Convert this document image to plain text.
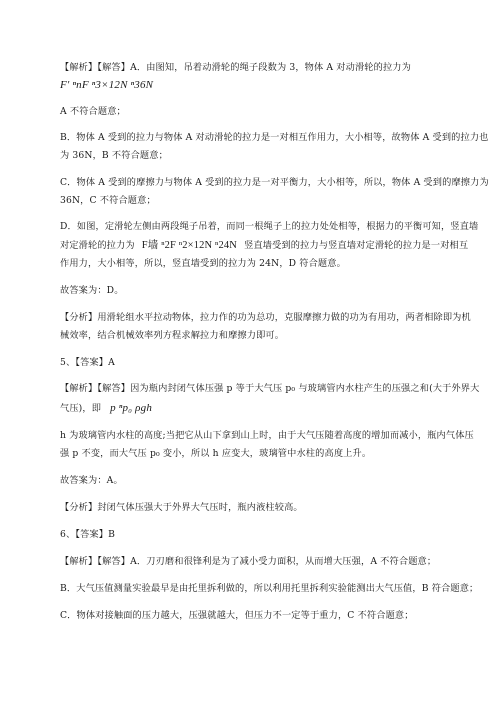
【解析】【解答】A．由图知，吊着动滑轮的绳子段数为 3，物体 A 对动滑轮的拉力为
F′ ⁿnF ⁿ3×12N ⁿ36N
A 不符合题意；
B．物体 A 受到的拉力与物体 A 对动滑轮的拉力是一对相互作用力，大小相等，故物体 A 受到的拉力也
为 36N，B 不符合题意；
C．物体 A 受到的摩擦力与物体 A 受到的拉力是一对平衡力，大小相等，所以，物体 A 受到的摩擦力为
36N，C 不符合题意；
D．如图，定滑轮左侧由两段绳子吊着，而同一根绳子上的拉力处处相等，根据力的平衡可知，竖直墙
对定滑轮的拉力为 F墙 ⁿ2F ⁿ2×12N ⁿ24N 竖直墙受到的拉力与竖直墙对定滑轮的拉力是一对相互
作用力，大小相等，所以，竖直墙受到的拉力为 24N，D 符合题意。
故答案为：D。
【分析】用滑轮组水平拉动物体，拉力作的功为总功，克服摩擦力做的功为有用功，两者相除即为机
械效率，结合机械效率列方程求解拉力和摩擦力即可。
5、【答案】A
【解析】【解答】因为瓶内封闭气体压强 p 等于大气压 p₀ 与玻璃管内水柱产生的压强之和(大于外界大
气压)，即 p ⁿp₀ ρgh
h 为玻璃管内水柱的高度;当把它从山下拿到山上时，由于大气压随着高度的增加而减小，瓶内气体压
强 p 不变，而大气压 p₀ 变小，所以 h 应变大，玻璃管中水柱的高度上升。
故答案为：A。
【分析】封闭气体压强大于外界大气压时，瓶内液柱较高。
6、【答案】B
【解析】【解答】A．刀刃磨和很锋利是为了减小受力面积，从而增大压强，A 不符合题意；
B．大气压值测量实验最早是由托里拆利做的，所以利用托里拆利实验能测出大气压值，B 符合题意；
C．物体对接触面的压力越大，压强就越大，但压力不一定等于重力，C 不符合题意；
